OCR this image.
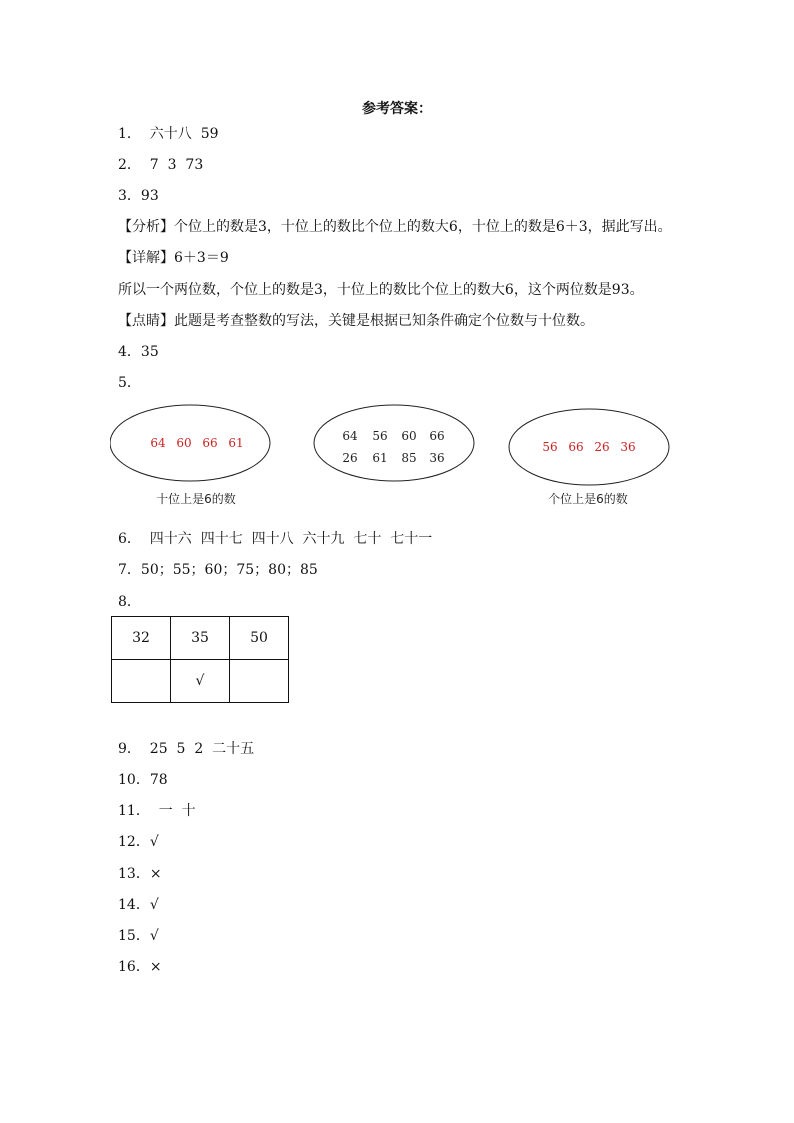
参考答案：
1．  六十八  59
2．  7  3  73
3．93
【分析】个位上的数是3，十位上的数比个位上的数大6，十位上的数是6＋3，据此写出。
【详解】6＋3＝9
所以一个两位数，个位上的数是3，十位上的数比个位上的数大6，这个两位数是93。
【点睛】此题是考查整数的写法，关键是根据已知条件确定个位数与十位数。
4．35
5．
64 60 66 61
十位上是6的数
64 56 60 66
26 61 85 36
56 66 26 36
个位上是6的数
6．  四十六  四十七  四十八  六十九  七十  七十一
7．50；55；60；75；80；85
8．
32	35	50
	√	
9．  25  5  2  二十五
10．78
11．  一  十
12．√
13．×
14．√
15．√
16．×
